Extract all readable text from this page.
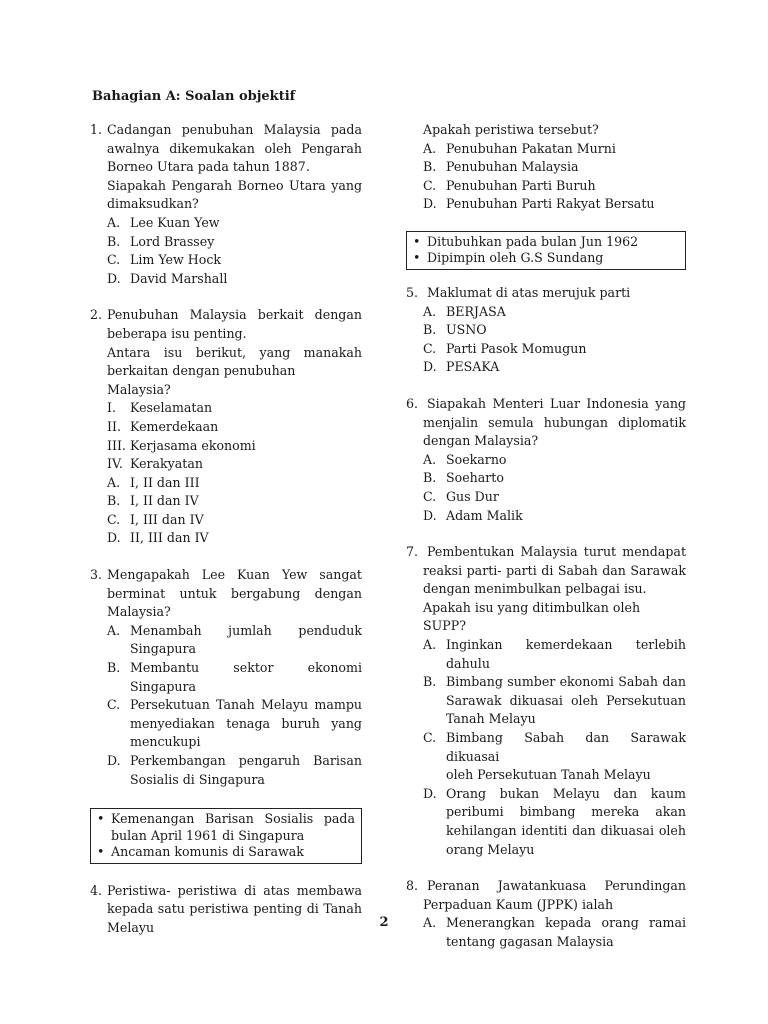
Bahagian A: Soalan objektif
1. Cadangan penubuhan Malaysia pada
awalnya dikemukakan oleh Pengarah
Borneo Utara pada tahun 1887.
Siapakah Pengarah Borneo Utara yang
dimaksudkan?
A. Lee Kuan Yew
B. Lord Brassey
C. Lim Yew Hock
D. David Marshall
2. Penubuhan Malaysia berkait dengan
beberapa isu penting.
Antara isu berikut, yang manakah
berkaitan dengan penubuhan Malaysia?
I.	Keselamatan
II. Kemerdekaan
III. Kerjasama ekonomi
IV. Kerakyatan
A. I, II dan III
B. I, II dan IV
C. I, III dan IV
D. II, III dan IV
3. Mengapakah Lee Kuan Yew sangat
berminat untuk bergabung dengan
Malaysia?
A. Menambah jumlah penduduk
Singapura
B. Membantu sektor ekonomi Singapura
C. Persekutuan Tanah Melayu mampu
menyediakan tenaga buruh yang
mencukupi
D. Perkembangan pengaruh Barisan
Sosialis di Singapura
• Kemenangan Barisan Sosialis pada
bulan April 1961 di Singapura
• Ancaman komunis di Sarawak
4. Peristiwa- peristiwa di atas membawa
kepada satu peristiwa penting di Tanah
Melayu
Apakah peristiwa tersebut?
A. Penubuhan Pakatan Murni
B. Penubuhan Malaysia
C. Penubuhan Parti Buruh
D. Penubuhan Parti Rakyat Bersatu
• Ditubuhkan pada bulan Jun 1962
• Dipimpin oleh G.S Sundang
5. Maklumat di atas merujuk parti
A. BERJASA
B. USNO
C. Parti Pasok Momugun
D. PESAKA
6. Siapakah Menteri Luar Indonesia yang
menjalin semula hubungan diplomatik
dengan Malaysia?
A. Soekarno
B. Soeharto
C. Gus Dur
D. Adam Malik
7. Pembentukan Malaysia turut mendapat
reaksi parti- parti di Sabah dan Sarawak
dengan menimbulkan pelbagai isu.
Apakah isu yang ditimbulkan oleh SUPP?
A. Inginkan kemerdekaan terlebih dahulu
B. Bimbang sumber ekonomi Sabah dan
Sarawak dikuasai oleh Persekutuan
Tanah Melayu
C. Bimbang Sabah dan Sarawak dikuasai
oleh Persekutuan Tanah Melayu
D. Orang bukan Melayu dan kaum
peribumi bimbang mereka akan
kehilangan identiti dan dikuasai oleh
orang Melayu
8. Peranan Jawatankuasa Perundingan
Perpaduan Kaum (JPPK) ialah
A. Menerangkan kepada orang ramai
tentang gagasan Malaysia
2
